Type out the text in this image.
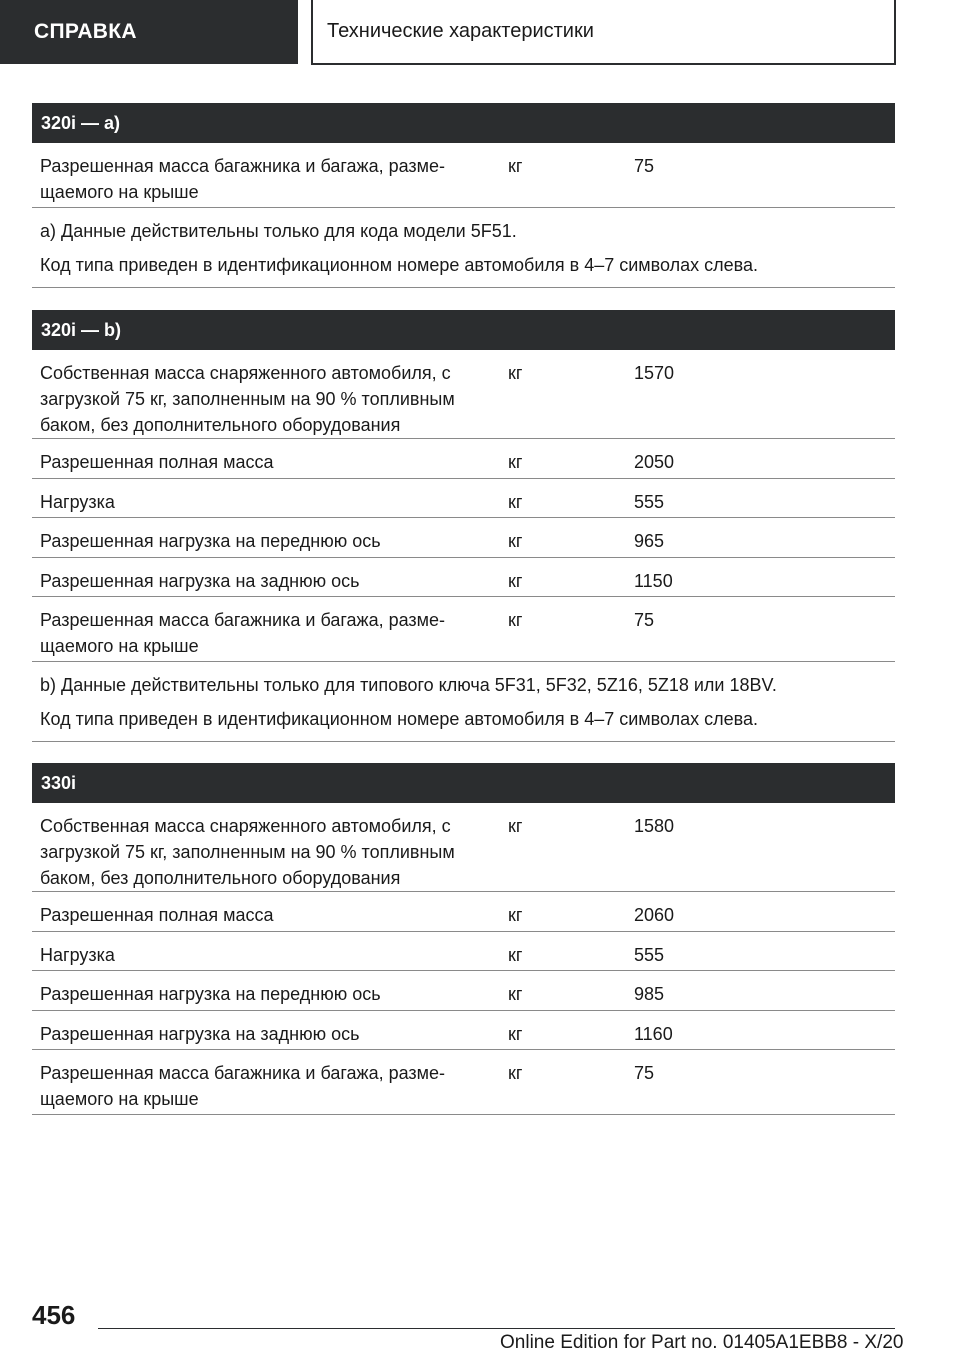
СПРАВКА	Технические характеристики
320i — a)
Разрешенная масса багажника и багажа, разме-
щаемого на крыше
кг	75

a) Данные действительны только для кода модели 5F51.

Код типа приведен в идентификационном номере автомобиля в 4–7 символах слева.

320i — b)
Собственная масса снаряженного автомобиля, с
загрузкой 75 кг, заполненным на 90 % топливным
баком, без дополнительного оборудования
кг	1570
Разрешенная полная масса	кг	2050
Нагрузка	кг	555
Разрешенная нагрузка на переднюю ось	кг	965
Разрешенная нагрузка на заднюю ось	кг	1150
Разрешенная масса багажника и багажа, разме-
щаемого на крыше
кг	75

b) Данные действительны только для типового ключа 5F31, 5F32, 5Z16, 5Z18 или 18BV.

Код типа приведен в идентификационном номере автомобиля в 4–7 символах слева.

330i
Собственная масса снаряженного автомобиля, с
загрузкой 75 кг, заполненным на 90 % топливным
баком, без дополнительного оборудования
кг	1580
Разрешенная полная масса	кг	2060
Нагрузка	кг	555
Разрешенная нагрузка на переднюю ось	кг	985
Разрешенная нагрузка на заднюю ось	кг	1160
Разрешенная масса багажника и багажа, разме-
щаемого на крыше
кг	75
456
Online Edition for Part no. 01405A1EBB8 - X/20
